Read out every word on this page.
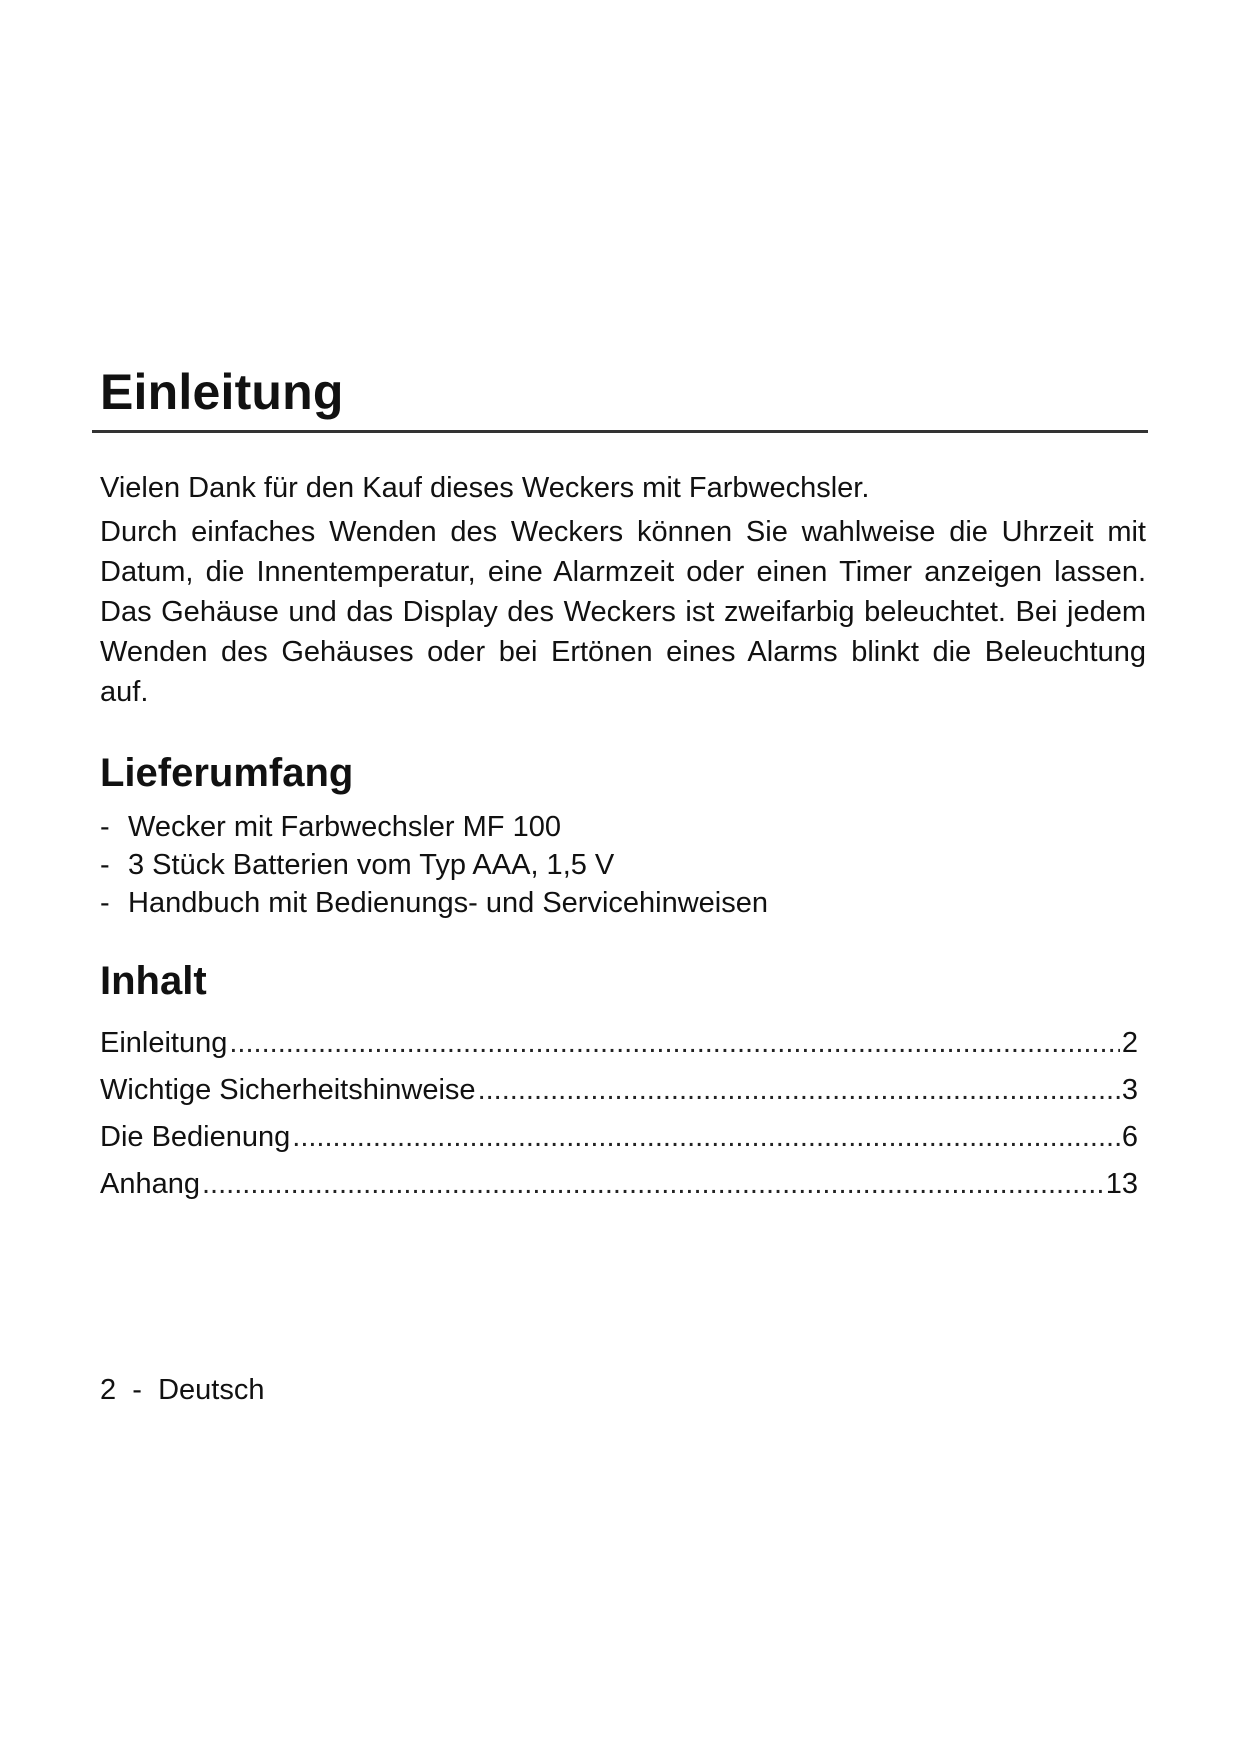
Einleitung

Vielen Dank für den Kauf dieses Weckers mit Farbwechsler.

Durch einfaches Wenden des Weckers können Sie wahlweise die Uhrzeit mit Datum, die Innentemperatur, eine Alarmzeit oder einen Timer anzeigen lassen. Das Gehäuse und das Display des Weckers ist zweifarbig beleuchtet. Bei jedem Wenden des Gehäuses oder bei Ertönen eines Alarms blinkt die Beleuchtung auf.

Lieferumfang
- Wecker mit Farbwechsler MF 100
- 3 Stück Batterien vom Typ AAA, 1,5 V
- Handbuch mit Bedienungs- und Servicehinweisen
Inhalt
Einleitung .....	2
Wichtige Sicherheitshinweise .....	3
Die Bedienung .....	6
Anhang .....	13
2 - Deutsch
